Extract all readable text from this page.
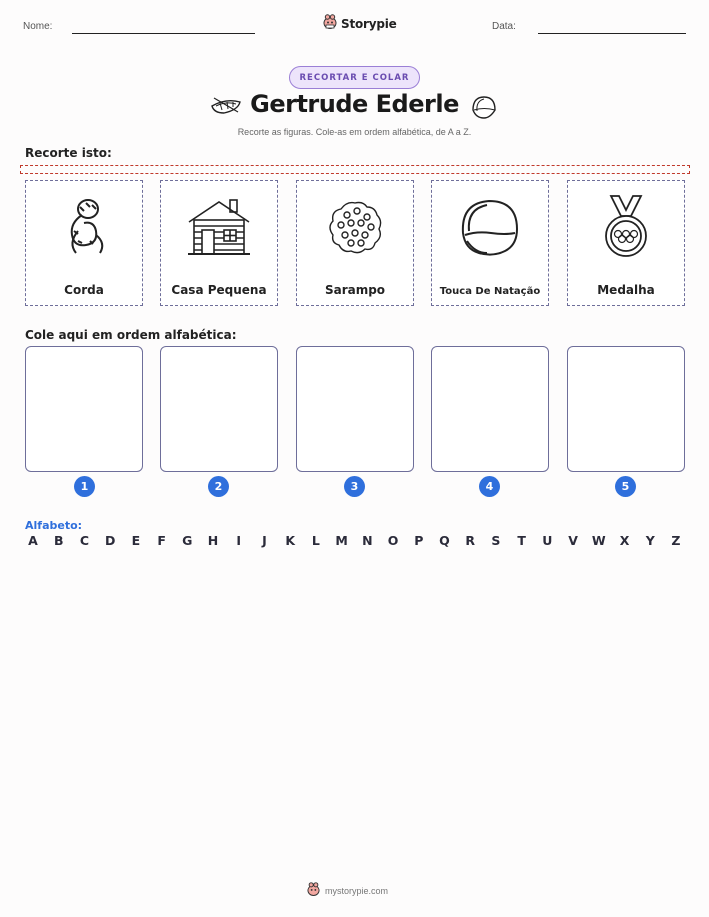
Nome:	Storypie	Data:
RECORTAR E COLAR
Gertrude Ederle
Recorte as figuras. Cole-as em ordem alfabética, de A a Z.
Recorte isto:
Corda	Casa Pequena	Sarampo	Touca De Natação	Medalha
Cole aqui em ordem alfabética:
1	2	3	4	5
Alfabeto:
A B C D E F G H	I	J	K L M N O P Q R S T U V W X Y Z
mystorypie.com
